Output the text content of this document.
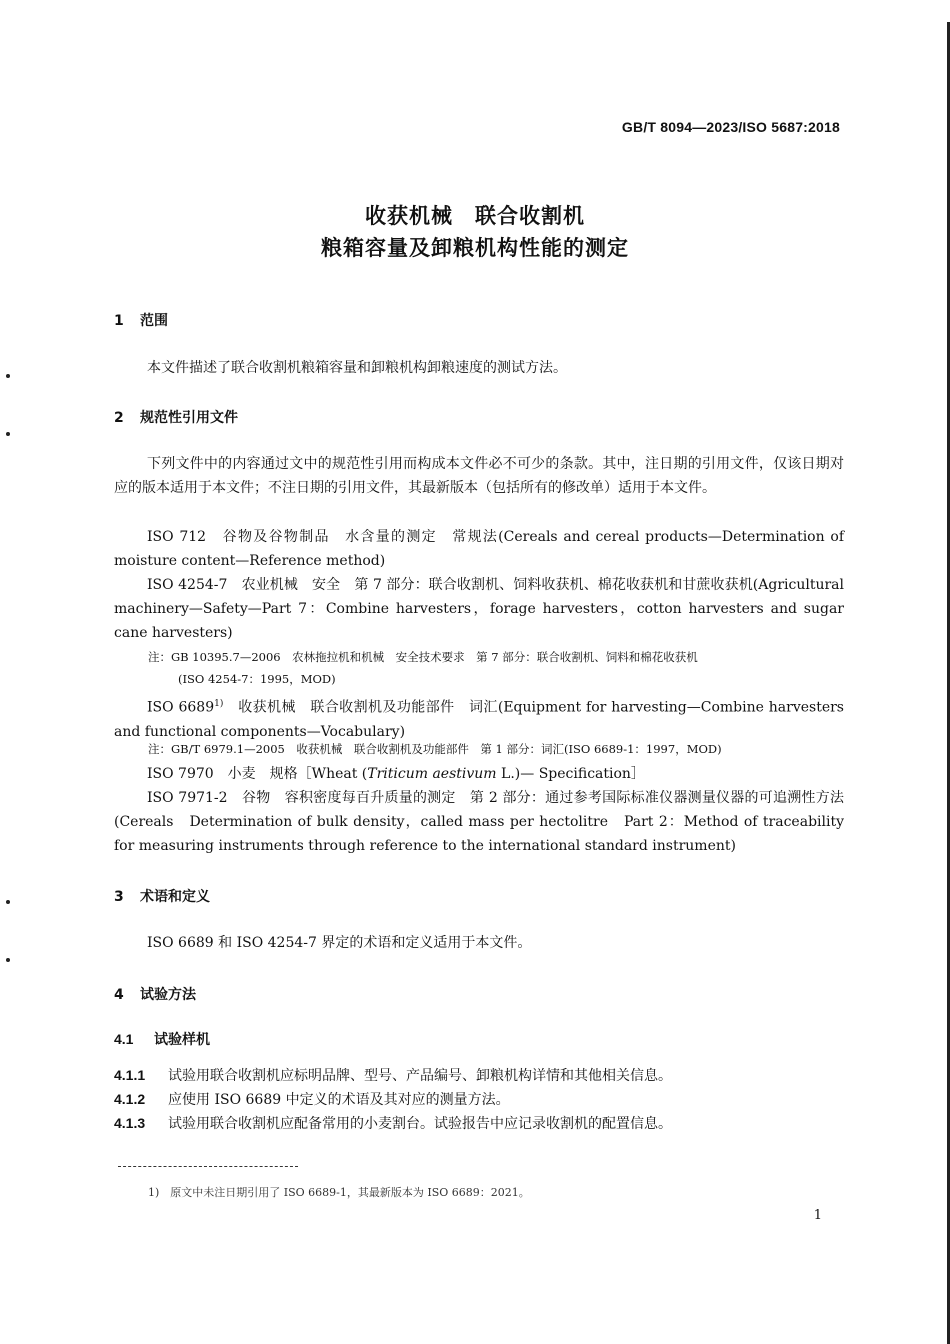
GB/T 8094—2023/ISO 5687:2018
收获机械　联合收割机
粮箱容量及卸粮机构性能的测定
1 范围
本文件描述了联合收割机粮箱容量和卸粮机构卸粮速度的测试方法。
2 规范性引用文件
下列文件中的内容通过文中的规范性引用而构成本文件必不可少的条款。其中，注日期的引用文件，仅该日期对应的版本适用于本文件；不注日期的引用文件，其最新版本（包括所有的修改单）适用于本文件。
ISO 712　谷物及谷物制品　水含量的测定　常规法(Cereals and cereal products—Determination of moisture content—Reference method)
ISO 4254-7　农业机械　安全　第 7 部分：联合收割机、饲料收获机、棉花收获机和甘蔗收获机(Agricultural machinery—Safety—Part 7：Combine harvesters，forage harvesters，cotton harvesters and sugar cane harvesters)
注：GB 10395.7—2006　农林拖拉机和机械　安全技术要求　第 7 部分：联合收割机、饲料和棉花收获机
(ISO 4254-7：1995，MOD)
ISO 6689$^{1)}$　收获机械　联合收割机及功能部件　词汇(Equipment for harvesting—Combine harvesters and functional components—Vocabulary)
注：GB/T 6979.1—2005　收获机械　联合收割机及功能部件　第 1 部分：词汇(ISO 6689-1：1997，MOD)
ISO 7970　小麦　规格［Wheat (Triticum aestivum L.)— Specification］
ISO 7971-2　谷物　容积密度每百升质量的测定　第 2 部分：通过参考国际标准仪器测量仪器的可追溯性方法(Cereals　Determination of bulk density，called mass per hectolitre　Part 2：Method of traceability for measuring instruments through reference to the international standard instrument)
3 术语和定义
ISO 6689 和 ISO 4254-7 界定的术语和定义适用于本文件。
4 试验方法
4.1 试验样机
4.1.1 试验用联合收割机应标明品牌、型号、产品编号、卸粮机构详情和其他相关信息。
4.1.2 应使用 ISO 6689 中定义的术语及其对应的测量方法。
4.1.3 试验用联合收割机应配备常用的小麦割台。试验报告中应记录收割机的配置信息。
1)　原文中未注日期引用了 ISO 6689-1，其最新版本为 ISO 6689：2021。
1
